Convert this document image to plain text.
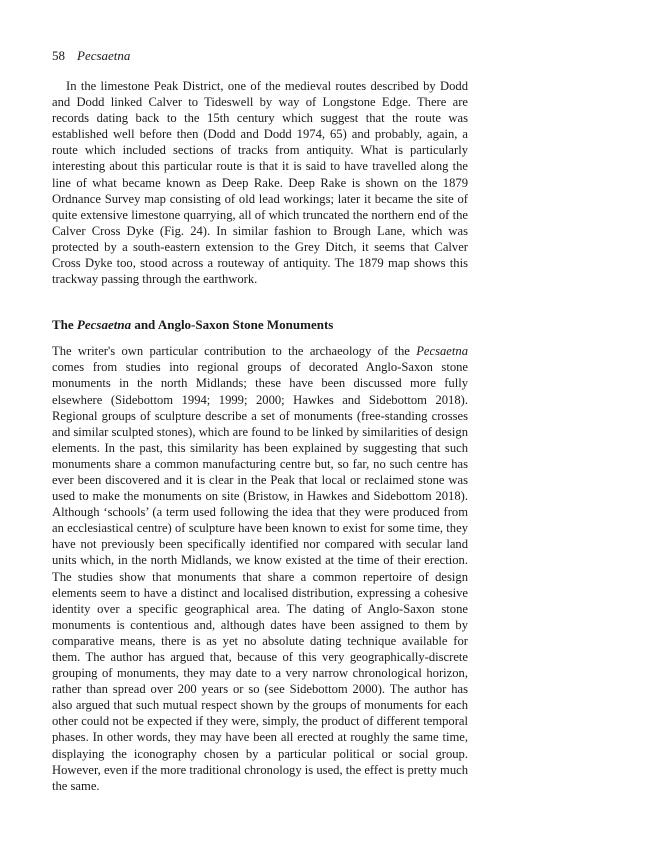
58 Pecsaetna

In the limestone Peak District, one of the medieval routes described by Dodd and Dodd linked Calver to Tideswell by way of Longstone Edge. There are records dating back to the 15th century which suggest that the route was established well before then (Dodd and Dodd 1974, 65) and probably, again, a route which included sections of tracks from antiquity. What is particularly interesting about this particular route is that it is said to have travelled along the line of what became known as Deep Rake. Deep Rake is shown on the 1879 Ordnance Survey map consisting of old lead workings; later it became the site of quite extensive limestone quarrying, all of which truncated the northern end of the Calver Cross Dyke (Fig. 24). In similar fashion to Brough Lane, which was protected by a south-eastern extension to the Grey Ditch, it seems that Calver Cross Dyke too, stood across a routeway of antiquity. The 1879 map shows this trackway passing through the earthwork.

The Pecsaetna and Anglo-Saxon Stone Monuments

The writer's own particular contribution to the archaeology of the Pecsaetna comes from studies into regional groups of decorated Anglo-Saxon stone monuments in the north Midlands; these have been discussed more fully elsewhere (Sidebottom 1994; 1999; 2000; Hawkes and Sidebottom 2018). Regional groups of sculpture describe a set of monuments (free-standing crosses and similar sculpted stones), which are found to be linked by similarities of design elements. In the past, this similarity has been explained by suggesting that such monuments share a common manufacturing centre but, so far, no such centre has ever been discovered and it is clear in the Peak that local or reclaimed stone was used to make the monuments on site (Bristow, in Hawkes and Sidebottom 2018). Although ‘schools’ (a term used following the idea that they were produced from an ecclesiastical centre) of sculpture have been known to exist for some time, they have not previously been specifically identified nor compared with secular land units which, in the north Midlands, we know existed at the time of their erection. The studies show that monuments that share a common repertoire of design elements seem to have a distinct and localised distribution, expressing a cohesive identity over a specific geographical area. The dating of Anglo-Saxon stone monuments is contentious and, although dates have been assigned to them by comparative means, there is as yet no absolute dating technique available for them. The author has argued that, because of this very geographically-discrete grouping of monuments, they may date to a very narrow chronological horizon, rather than spread over 200 years or so (see Sidebottom 2000). The author has also argued that such mutual respect shown by the groups of monuments for each other could not be expected if they were, simply, the product of different temporal phases. In other words, they may have been all erected at roughly the same time, displaying the iconography chosen by a particular political or social group. However, even if the more traditional chronology is used, the effect is pretty much the same.
